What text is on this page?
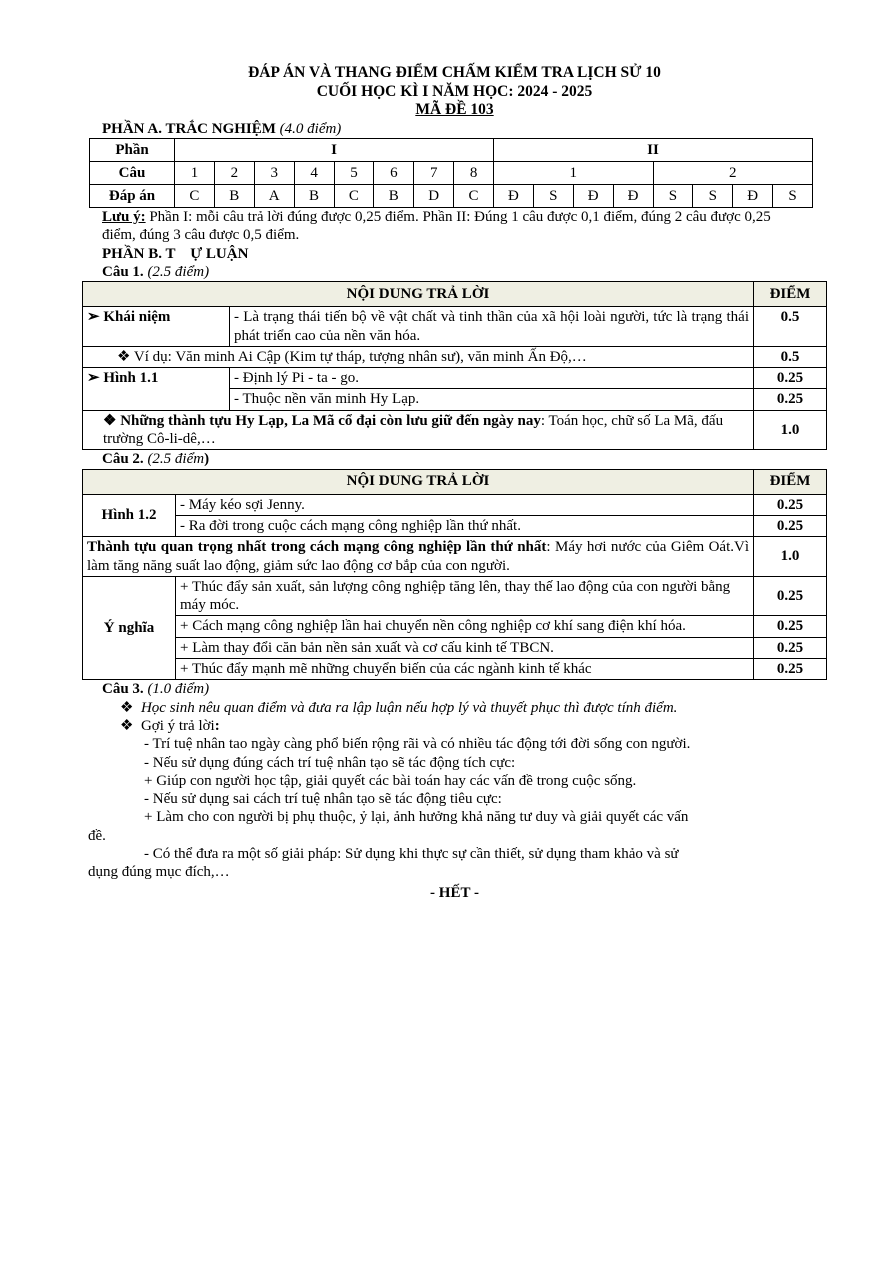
ĐÁP ÁN VÀ THANG ĐIỂM CHẤM KIỂM TRA LỊCH SỬ 10
CUỐI HỌC KÌ I NĂM HỌC: 2024 - 2025
MÃ ĐỀ 103
PHẦN A. TRẮC NGHIỆM (4.0 điểm)
Phần	I								II							
Câu	1	2	3	4	5	6	7	8	1				2			
Đáp án	C	B	A	B	C	B	D	C	Đ	S	Đ	Đ	S	S	Đ	S
Lưu ý: Phần I: mỗi câu trả lời đúng được 0,25 điểm. Phần II: Đúng 1 câu được 0,1 điểm, đúng 2 câu được 0,25 điểm, đúng 3 câu được 0,5 điểm.
PHẦN B. T    Ự LUẬN
Câu 1. (2.5 điểm)
NỘI DUNG TRẢ LỜI		ĐIỂM
➢ Khái niệm	- Là trạng thái tiến bộ về vật chất và tinh thần của xã hội loài người, tức là trạng thái phát triển cao của nền văn hóa.	0.5
❖ Ví dụ: Văn minh Ai Cập (Kim tự tháp, tượng nhân sư), văn minh Ấn Độ,…		0.5
➢ Hình 1.1	- Định lý Pi - ta - go.	0.25
	- Thuộc nền văn minh Hy Lạp.	0.25
❖ Những thành tựu Hy Lạp, La Mã cổ đại còn lưu giữ đến ngày nay: Toán học, chữ số La Mã, đấu trường Cô-li-dê,…		1.0
Câu 2. (2.5 điểm)
NỘI DUNG TRẢ LỜI		ĐIỂM
Hình 1.2	- Máy kéo sợi Jenny.	0.25
	- Ra đời trong cuộc cách mạng công nghiệp lần thứ nhất.	0.25
Thành tựu quan trọng nhất trong cách mạng công nghiệp lần thứ nhất: Máy hơi nước của Giêm Oát.Vì làm tăng năng suất lao động, giảm sức lao động cơ bắp của con người.		1.0
Ý nghĩa	+ Thúc đẩy sản xuất, sản lượng công nghiệp tăng lên, thay thế lao động của con người bằng máy móc.	0.25
	+ Cách mạng công nghiệp lần hai chuyển nền công nghiệp cơ khí sang điện khí hóa.	0.25
	+ Làm thay đổi căn bản nền sản xuất và cơ cấu kinh tế TBCN.	0.25
	+ Thúc đẩy mạnh mẽ những chuyển biến của các ngành kinh tế khác	0.25
Câu 3. (1.0 điểm)
❖ Học sinh nêu quan điểm và đưa ra lập luận nếu hợp lý và thuyết phục thì được tính điểm.
❖ Gợi ý trả lời:
- Trí tuệ nhân tao ngày càng phổ biến rộng rãi và có nhiều tác động tới đời sống con người.
- Nếu sử dụng đúng cách trí tuệ nhân tạo sẽ tác động tích cực:
+ Giúp con người học tập, giải quyết các bài toán hay các vấn đề trong cuộc sống.
- Nếu sử dụng sai cách trí tuệ nhân tạo sẽ tác động tiêu cực:
+ Làm cho con người bị phụ thuộc, ỷ lại, ảnh hưởng khả năng tư duy và giải quyết các vấn
đề.
- Có thể đưa ra một số giải pháp: Sử dụng khi thực sự cần thiết, sử dụng tham khảo và sử
dụng đúng mục đích,…
- HẾT -
